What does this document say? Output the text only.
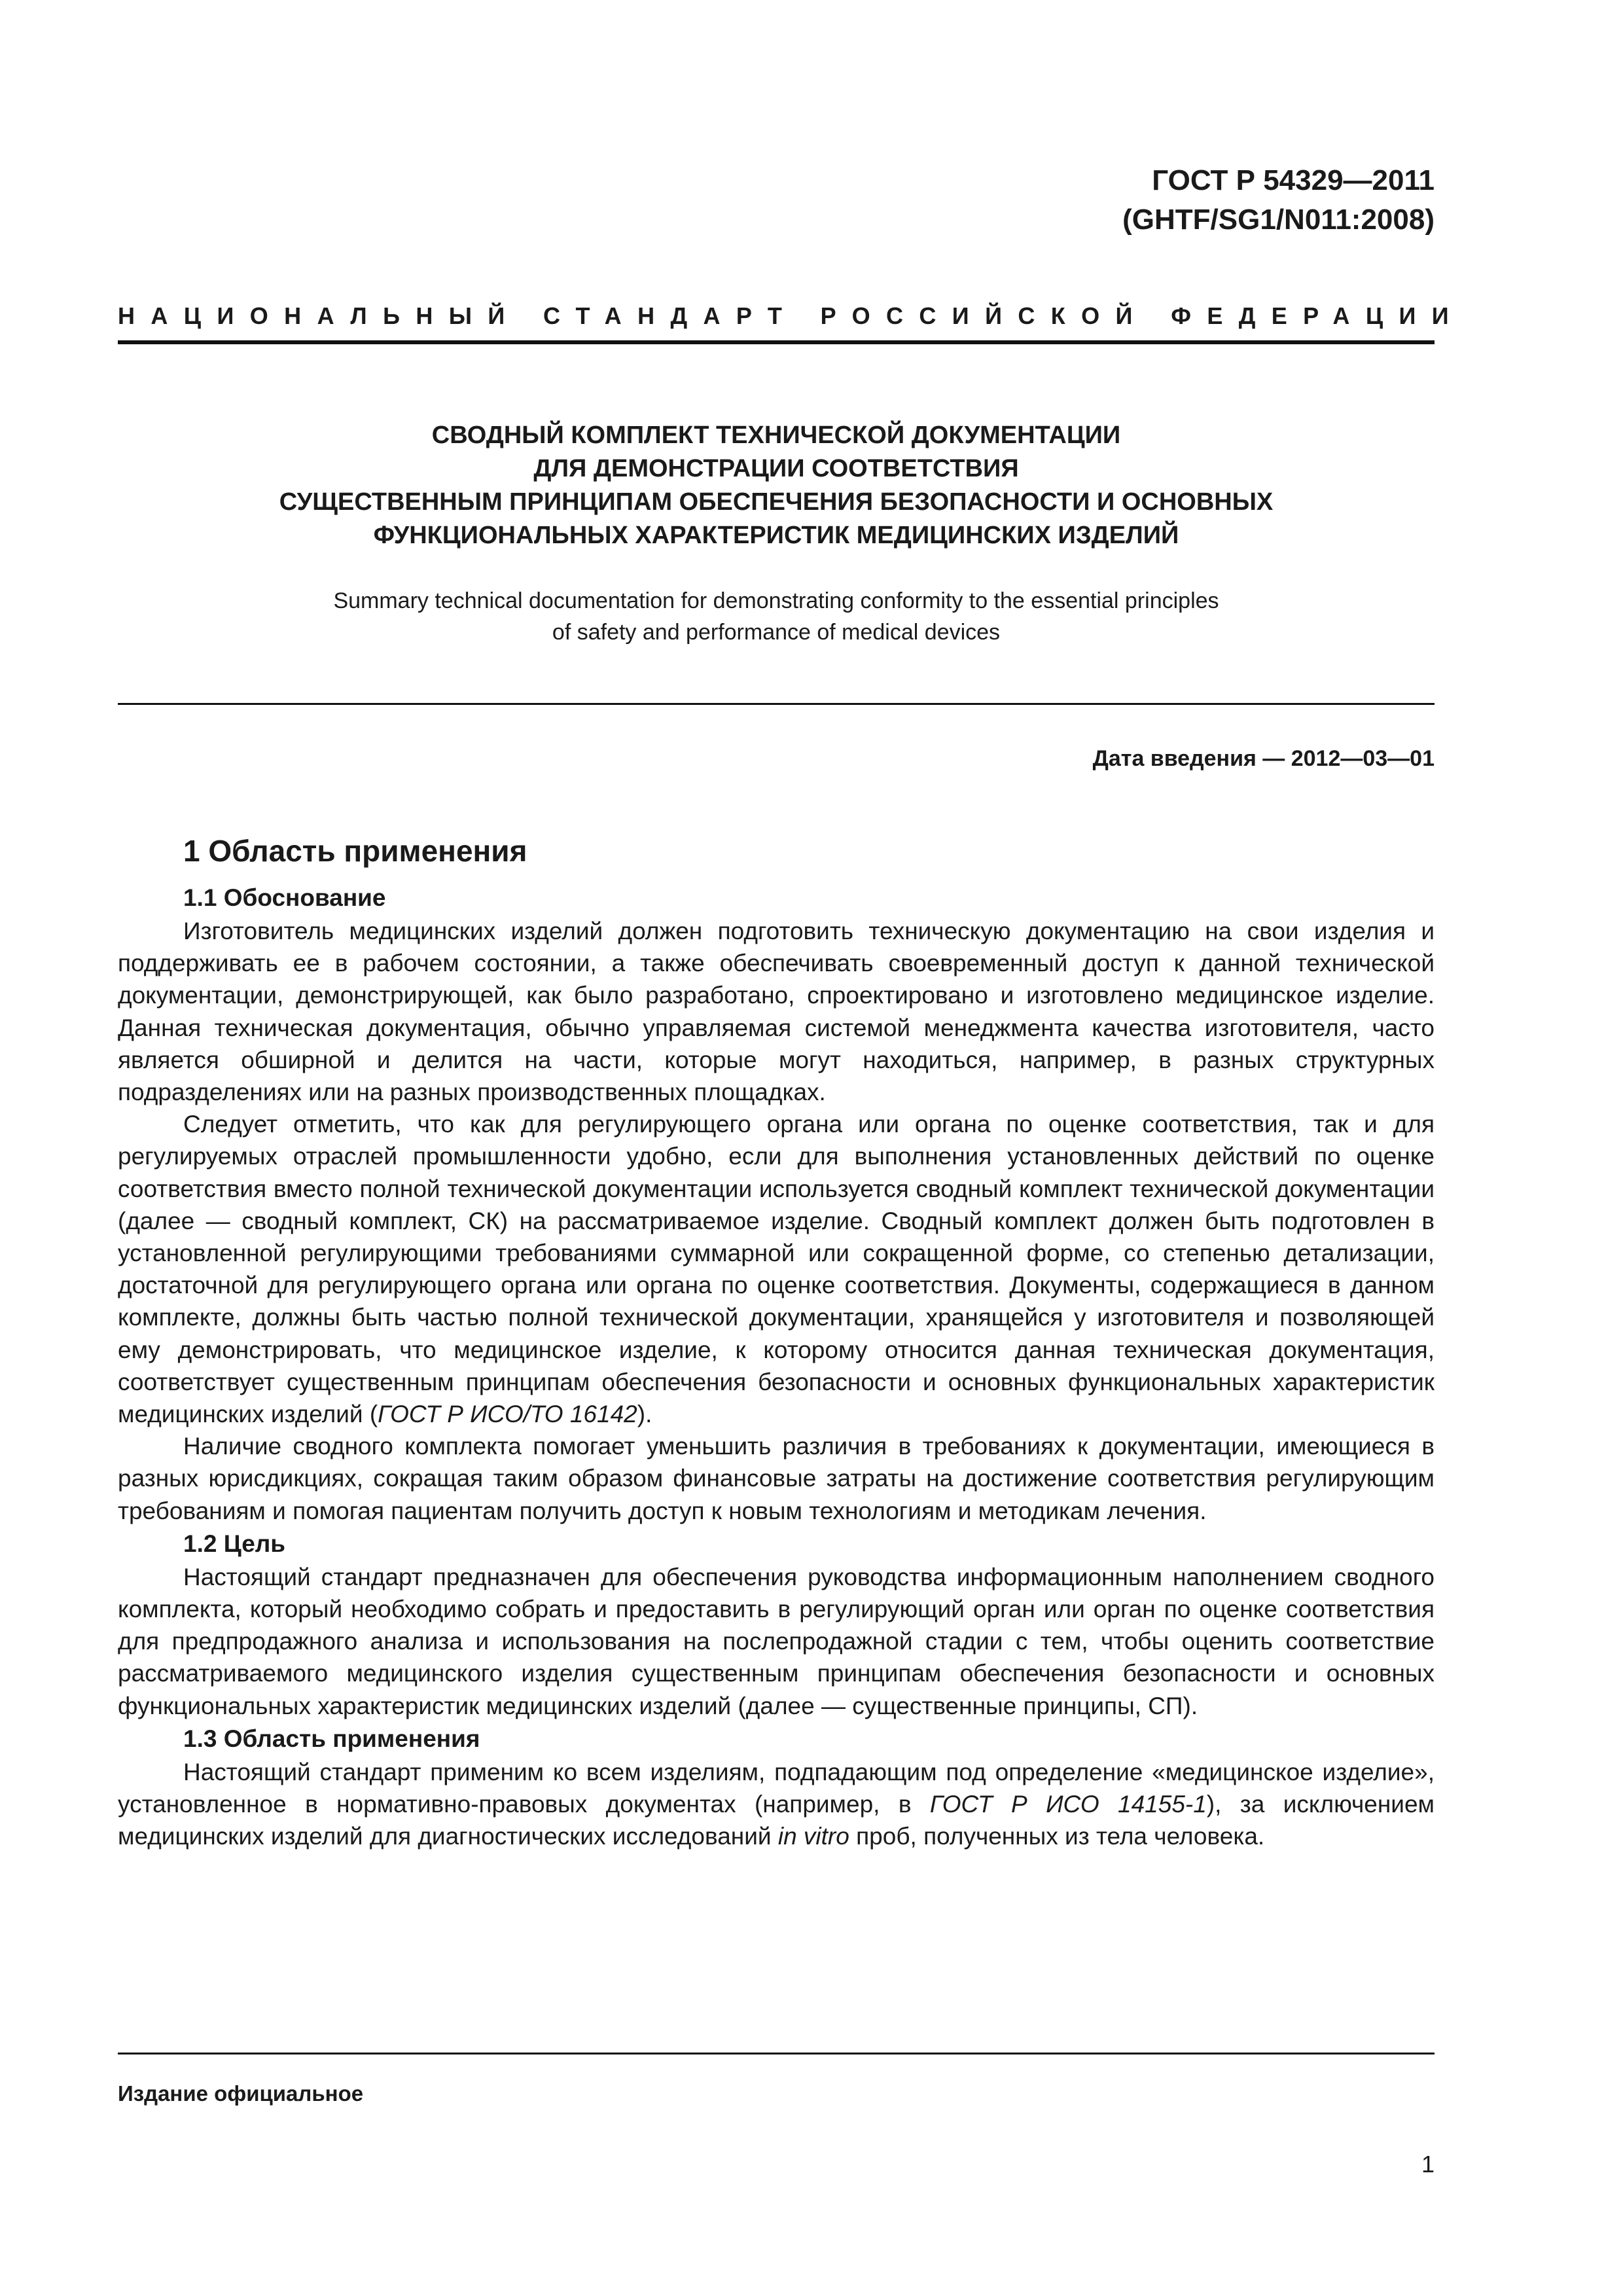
ГОСТ Р 54329—2011
(GHTF/SG1/N011:2008)
НАЦИОНАЛЬНЫЙ СТАНДАРТ РОССИЙСКОЙ ФЕДЕРАЦИИ
СВОДНЫЙ КОМПЛЕКТ ТЕХНИЧЕСКОЙ ДОКУМЕНТАЦИИ
ДЛЯ ДЕМОНСТРАЦИИ СООТВЕТСТВИЯ
СУЩЕСТВЕННЫМ ПРИНЦИПАМ ОБЕСПЕЧЕНИЯ БЕЗОПАСНОСТИ И ОСНОВНЫХ
ФУНКЦИОНАЛЬНЫХ ХАРАКТЕРИСТИК МЕДИЦИНСКИХ ИЗДЕЛИЙ
Summary technical documentation for demonstrating conformity to the essential principles
of safety and performance of medical devices
Дата введения — 2012—03—01
1 Область применения
1.1 Обоснование

Изготовитель медицинских изделий должен подготовить техническую документацию на свои изделия и поддерживать ее в рабочем состоянии, а также обеспечивать своевременный доступ к данной технической документации, демонстрирующей, как было разработано, спроектировано и изготовлено медицинское изделие. Данная техническая документация, обычно управляемая системой менеджмента качества изготовителя, часто является обширной и делится на части, которые могут находиться, например, в разных структурных подразделениях или на разных производственных площадках.

Следует отметить, что как для регулирующего органа или органа по оценке соответствия, так и для регулируемых отраслей промышленности удобно, если для выполнения установленных действий по оценке соответствия вместо полной технической документации используется сводный комплект технической документации (далее — сводный комплект, СК) на рассматриваемое изделие. Сводный комплект должен быть подготовлен в установленной регулирующими требованиями суммарной или сокращенной форме, со степенью детализации, достаточной для регулирующего органа или органа по оценке соответствия. Документы, содержащиеся в данном комплекте, должны быть частью полной технической документации, хранящейся у изготовителя и позволяющей ему демонстрировать, что медицинское изделие, к которому относится данная техническая документация, соответствует существенным принципам обеспечения безопасности и основных функциональных характеристик медицинских изделий (ГОСТ Р ИСО/ТО 16142).

Наличие сводного комплекта помогает уменьшить различия в требованиях к документации, имеющиеся в разных юрисдикциях, сокращая таким образом финансовые затраты на достижение соответствия регулирующим требованиям и помогая пациентам получить доступ к новым технологиям и методикам лечения.

1.2 Цель

Настоящий стандарт предназначен для обеспечения руководства информационным наполнением сводного комплекта, который необходимо собрать и предоставить в регулирующий орган или орган по оценке соответствия для предпродажного анализа и использования на послепродажной стадии с тем, чтобы оценить соответствие рассматриваемого медицинского изделия существенным принципам обеспечения безопасности и основных функциональных характеристик медицинских изделий (далее — существенные принципы, СП).

1.3 Область применения

Настоящий стандарт применим ко всем изделиям, подпадающим под определение «медицинское изделие», установленное в нормативно-правовых документах (например, в ГОСТ Р ИСО 14155-1), за исключением медицинских изделий для диагностических исследований in vitro проб, полученных из тела человека.

Издание официальное
1
